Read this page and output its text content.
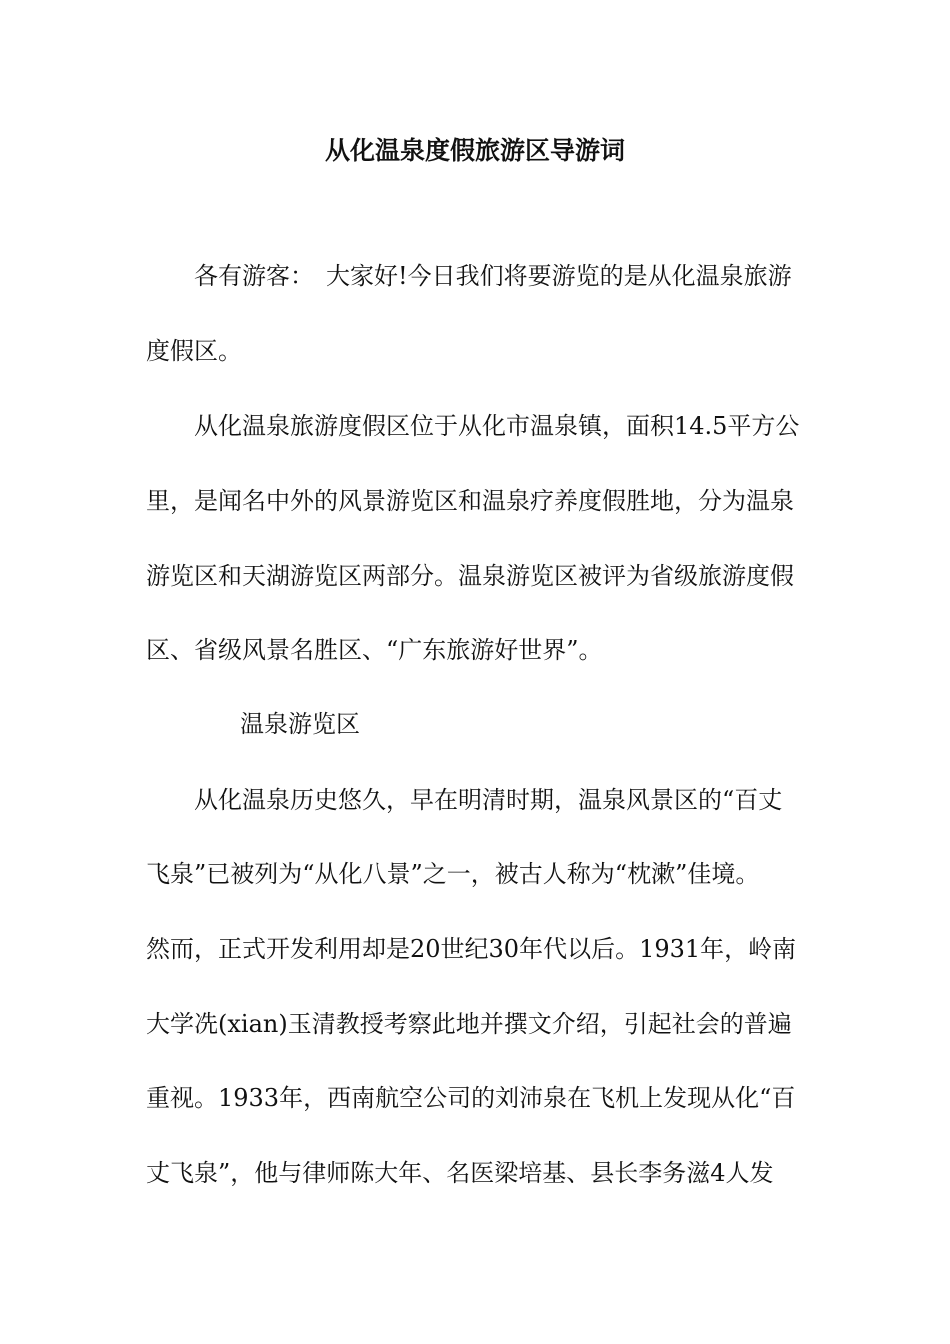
从化温泉度假旅游区导游词

各有游客：　大家好!今日我们将要游览的是从化温泉旅游

度假区。

从化温泉旅游度假区位于从化市温泉镇，面积14.5平方公

里，是闻名中外的风景游览区和温泉疗养度假胜地，分为温泉

游览区和天湖游览区两部分。温泉游览区被评为省级旅游度假

区、省级风景名胜区、“广东旅游好世界”。

温泉游览区

从化温泉历史悠久，早在明清时期，温泉风景区的“百丈

飞泉”已被列为“从化八景”之一，被古人称为“枕漱”佳境。

然而，正式开发利用却是20世纪30年代以后。1931年，岭南

大学冼(xian)玉清教授考察此地并撰文介绍，引起社会的普遍

重视。1933年，西南航空公司的刘沛泉在飞机上发现从化“百

丈飞泉”，他与律师陈大年、名医梁培基、县长李务滋4人发
